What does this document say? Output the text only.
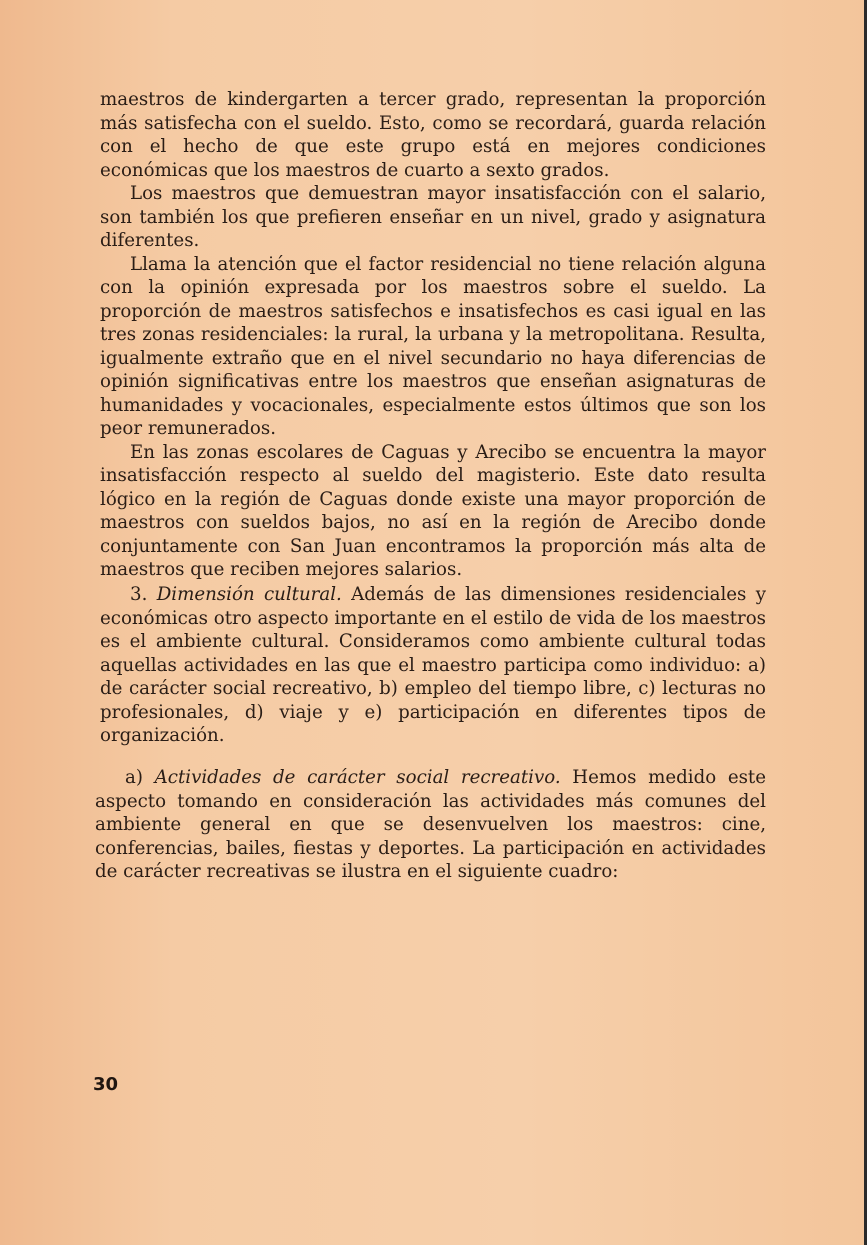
maestros de kindergarten a tercer grado, representan la proporción más satisfecha con el sueldo. Esto, como se recordará, guarda relación con el hecho de que este grupo está en mejores condiciones económicas que los maestros de cuarto a sexto grados.

Los maestros que demuestran mayor insatisfacción con el salario, son también los que prefieren enseñar en un nivel, grado y asignatura diferentes.

Llama la atención que el factor residencial no tiene relación alguna con la opinión expresada por los maestros sobre el sueldo. La proporción de maestros satisfechos e insatisfechos es casi igual en las tres zonas residenciales: la rural, la urbana y la metropolitana. Resulta, igualmente extraño que en el nivel secundario no haya diferencias de opinión significativas entre los maestros que enseñan asignaturas de humanidades y vocacionales, especialmente estos últimos que son los peor remunerados.

En las zonas escolares de Caguas y Arecibo se encuentra la mayor insatisfacción respecto al sueldo del magisterio. Este dato resulta lógico en la región de Caguas donde existe una mayor proporción de maestros con sueldos bajos, no así en la región de Arecibo donde conjuntamente con San Juan encontramos la proporción más alta de maestros que reciben mejores salarios.

3. Dimensión cultural. Además de las dimensiones residenciales y económicas otro aspecto importante en el estilo de vida de los maestros es el ambiente cultural. Consideramos como ambiente cultural todas aquellas actividades en las que el maestro participa como individuo: a) de carácter social recreativo, b) empleo del tiempo libre, c) lecturas no profesionales, d) viaje y e) participación en diferentes tipos de organización.

a) Actividades de carácter social recreativo. Hemos medido este aspecto tomando en consideración las actividades más comunes del ambiente general en que se desenvuelven los maestros: cine, conferencias, bailes, fiestas y deportes. La participación en actividades de carácter recreativas se ilustra en el siguiente cuadro:

30
